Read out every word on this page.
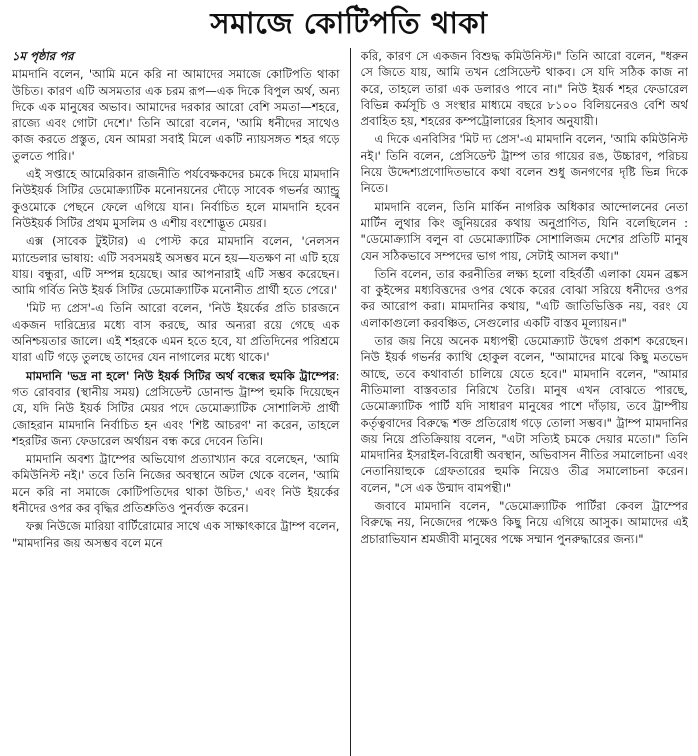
সমাজে কোটিপতি থাকা

১ম পৃষ্ঠার পর

মামদানি বলেন, 'আমি মনে করি না আমাদের সমাজে কোটিপতি থাকা উচিত। কারণ এটি অসমতার এক চরম রূপ—এক দিকে বিপুল অর্থ, অন্য দিকে এক মানুষের অভাব। আমাদের দরকার আরো বেশি সমতা—শহরে, রাজ্যে এবং গোটা দেশে।' তিনি আরো বলেন, 'আমি ধনীদের সাথেও কাজ করতে প্রস্তুত, যেন আমরা সবাই মিলে একটি ন্যায়সঙ্গত শহর গড়ে তুলতে পারি।'

এই সপ্তাহে আমেরিকান রাজনীতি পর্যবেক্ষকদের চমকে দিয়ে মামদানি নিউইয়র্ক সিটির ডেমোক্র্যাটিক মনোনয়নের দৌড়ে সাবেক গভর্নর অ্যান্ড্রু কুওমোকে পেছনে ফেলে এগিয়ে যান। নির্বাচিত হলে মামদানি হবেন নিউইয়র্ক সিটির প্রথম মুসলিম ও এশীয় বংশোদ্ভূত মেয়র।

এক্স (সাবেক টুইটার) এ পোস্ট করে মামদানি বলেন, 'নেলসন ম্যান্ডেলার ভাষায়: এটি সবসময়ই অসম্ভব মনে হয়—যতক্ষণ না এটি হয়ে যায়। বন্ধুরা, এটি সম্পন্ন হয়েছে। আর আপনারাই এটি সম্ভব করেছেন। আমি গর্বিত নিউ ইয়র্ক সিটির ডেমোক্র্যাটিক মনোনীত প্রার্থী হতে পেরে।'

'মিট দ্য প্রেস'-এ তিনি আরো বলেন, 'নিউ ইয়র্কের প্রতি চারজনে একজন দারিদ্র্যের মধ্যে বাস করছে, আর অন্যরা রয়ে গেছে এক অনিশ্চয়তার জালে। এই শহরকে এমন হতে হবে, যা প্রতিদিনের পরিশ্রমে যারা এটি গড়ে তুলছে তাদের যেন নাগালের মধ্যে থাকে।'

মামদানি 'ভদ্র না হলে' নিউ ইয়র্ক সিটির অর্থ বন্ধের হুমকি ট্রাম্পের: গত রোববার (স্থানীয় সময়) প্রেসিডেন্ট ডোনাল্ড ট্রাম্প হুমকি দিয়েছেন যে, যদি নিউ ইয়র্ক সিটির মেয়র পদে ডেমোক্র্যাটিক সোশালিস্ট প্রার্থী জোহরান মামদানি নির্বাচিত হন এবং 'শিষ্ট আচরণ' না করেন, তাহলে শহরটির জন্য ফেডারেল অর্থায়ন বন্ধ করে দেবেন তিনি।

মামদানি অবশ্য ট্রাম্পের অভিযোগ প্রত্যাখ্যান করে বলেছেন, 'আমি কমিউনিস্ট নই।' তবে তিনি নিজের অবস্থানে অটল থেকে বলেন, 'আমি মনে করি না সমাজে কোটিপতিদের থাকা উচিত,' এবং নিউ ইয়র্কের ধনীদের ওপর কর বৃদ্ধির প্রতিশ্রুতিও পুনর্ব্যক্ত করেন।

ফক্স নিউজে মারিয়া বার্টিরোমোর সাথে এক সাক্ষাৎকারে ট্রাম্প বলেন, "মামদানির জয় অসম্ভব বলে মনে

করি, কারণ সে একজন বিশুদ্ধ কমিউনিস্ট।" তিনি আরো বলেন, "ধরুন সে জিতে যায়, আমি তখন প্রেসিডেন্ট থাকব। সে যদি সঠিক কাজ না করে, তাহলে তারা এক ডলারও পাবে না।" নিউ ইয়র্ক শহর ফেডারেল বিভিন্ন কর্মসূচি ও সংস্থার মাধ্যমে বছরে ৮১০০ বিলিয়নেরও বেশি অর্থ প্রবাহিত হয়, শহরের কম্পট্রোলারের হিসাব অনুযায়ী।

এ দিকে এনবিসির 'মিট দ্য প্রেস'-এ মামদানি বলেন, 'আমি কমিউনিস্ট নই।' তিনি বলেন, প্রেসিডেন্ট ট্রাম্প তার গায়ের রঙ, উচ্চারণ, পরিচয় নিয়ে উদ্দেশ্যপ্রণোদিতভাবে কথা বলেন শুধু জনগণের দৃষ্টি ভিন্ন দিকে নিতে।

মামদানি বলেন, তিনি মার্কিন নাগরিক অধিকার আন্দোলনের নেতা মার্টিন লুথার কিং জুনিয়রের কথায় অনুপ্রাণিত, যিনি বলেছিলেন : "ডেমোক্র্যাসি বলুন বা ডেমোক্র্যাটিক সোশালিজম দেশের প্রতিটি মানুষ যেন সঠিকভাবে সম্পদের ভাগ পায়, সেটাই আসল কথা।"

তিনি বলেন, তার করনীতির লক্ষ্য হলো বহির্বর্তী এলাকা যেমন ব্রঙ্কস বা কুইন্সের মধ্যবিত্তদের ওপর থেকে করের বোঝা সরিয়ে ধনীদের ওপর কর আরোপ করা। মামদানির কথায়, "এটি জাতিভিত্তিক নয়, বরং যে এলাকাগুলো করবঞ্চিত, সেগুলোর একটি বাস্তব মূল্যায়ন।"

তার জয় নিয়ে অনেক মধ্যপন্থী ডেমোক্র্যাট উদ্বেগ প্রকাশ করেছেন। নিউ ইয়র্ক গভর্নর ক্যাথি হোকুল বলেন, "আমাদের মাঝে কিছু মতভেদ আছে, তবে কথাবার্তা চালিয়ে যেতে হবে।" মামদানি বলেন, "আমার নীতিমালা বাস্তবতার নিরিখে তৈরি। মানুষ এখন বোঝতে পারছে, ডেমোক্র্যাটিক পার্টি যদি সাধারণ মানুষের পাশে দাঁড়ায়, তবে ট্রাম্পীয় কর্তৃত্ববাদের বিরুদ্ধে শক্ত প্রতিরোধ গড়ে তোলা সম্ভব।" ট্রাম্প মামদানির জয় নিয়ে প্রতিক্রিয়ায় বলেন, "এটা সত্যিই চমকে দেয়ার মতো।" তিনি মামদানির ইসরাইল-বিরোধী অবস্থান, অভিবাসন নীতির সমালোচনা এবং নেতানিয়াহুকে গ্রেফতারের হুমকি নিয়েও তীব্র সমালোচনা করেন। বলেন, "সে এক উন্মাদ বামপন্থী।"

জবাবে মামদানি বলেন, "ডেমোক্র্যাটিক পার্টিরা কেবল ট্রাম্পের বিরুদ্ধে নয়, নিজেদের পক্ষেও কিছু নিয়ে এগিয়ে আসুক। আমাদের এই প্রচারাভিযান শ্রমজীবী মানুষের পক্ষে সম্মান পুনরুদ্ধারের জন্য।"
